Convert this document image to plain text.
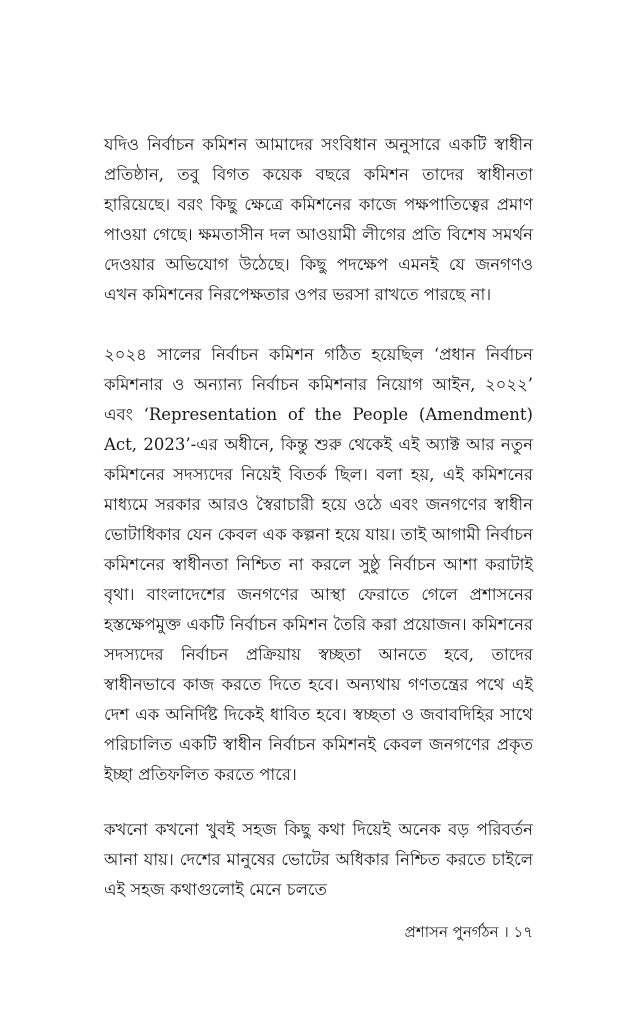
যদিও নির্বাচন কমিশন আমাদের সংবিধান অনুসারে একটি স্বাধীন প্রতিষ্ঠান, তবু বিগত কয়েক বছরে কমিশন তাদের স্বাধীনতা হারিয়েছে। বরং কিছু ক্ষেত্রে কমিশনের কাজে পক্ষপাতিত্বের প্রমাণ পাওয়া গেছে। ক্ষমতাসীন দল আওয়ামী লীগের প্রতি বিশেষ সমর্থন দেওয়ার অভিযোগ উঠেছে। কিছু পদক্ষেপ এমনই যে জনগণও এখন কমিশনের নিরপেক্ষতার ওপর ভরসা রাখতে পারছে না।

২০২৪ সালের নির্বাচন কমিশন গঠিত হয়েছিল ‘প্রধান নির্বাচন কমিশনার ও অন্যান্য নির্বাচন কমিশনার নিয়োগ আইন, ২০২২’ এবং ‘Representation of the People (Amendment) Act, 2023’-এর অধীনে, কিন্তু শুরু থেকেই এই অ্যাক্ট আর নতুন কমিশনের সদস্যদের নিয়েই বিতর্ক ছিল। বলা হয়, এই কমিশনের মাধ্যমে সরকার আরও স্বৈরাচারী হয়ে ওঠে এবং জনগণের স্বাধীন ভোটাধিকার যেন কেবল এক কল্পনা হয়ে যায়। তাই আগামী নির্বাচন কমিশনের স্বাধীনতা নিশ্চিত না করলে সুষ্ঠু নির্বাচন আশা করাটাই বৃথা। বাংলাদেশের জনগণের আস্থা ফেরাতে গেলে প্রশাসনের হস্তক্ষেপমুক্ত একটি নির্বাচন কমিশন তৈরি করা প্রয়োজন। কমিশনের সদস্যদের নির্বাচন প্রক্রিয়ায় স্বচ্ছতা আনতে হবে, তাদের স্বাধীনভাবে কাজ করতে দিতে হবে। অন্যথায় গণতন্ত্রের পথে এই দেশ এক অনির্দিষ্ট দিকেই ধাবিত হবে। স্বচ্ছতা ও জবাবদিহির সাথে পরিচালিত একটি স্বাধীন নির্বাচন কমিশনই কেবল জনগণের প্রকৃত ইচ্ছা প্রতিফলিত করতে পারে।

কখনো কখনো খুবই সহজ কিছু কথা দিয়েই অনেক বড় পরিবর্তন আনা যায়। দেশের মানুষের ভোটের অধিকার নিশ্চিত করতে চাইলে এই সহজ কথাগুলোই মেনে চলতে

প্রশাসন পুনর্গঠন । ১৭
